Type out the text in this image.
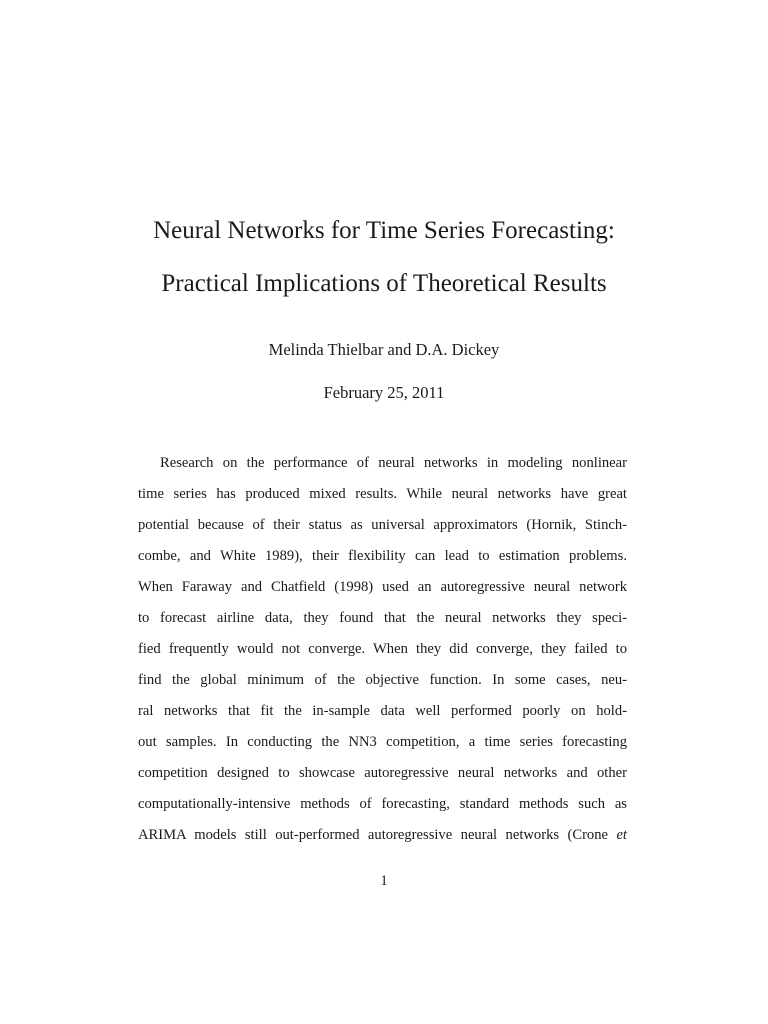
Neural Networks for Time Series Forecasting:
Practical Implications of Theoretical Results
Melinda Thielbar and D.A. Dickey
February 25, 2011
Research on the performance of neural networks in modeling nonlinear
time series has produced mixed results. While neural networks have great
potential because of their status as universal approximators (Hornik, Stinch-
combe, and White 1989), their flexibility can lead to estimation problems.
When Faraway and Chatfield (1998) used an autoregressive neural network
to forecast airline data, they found that the neural networks they speci-
fied frequently would not converge. When they did converge, they failed to
find the global minimum of the objective function. In some cases, neu-
ral networks that fit the in-sample data well performed poorly on hold-
out samples. In conducting the NN3 competition, a time series forecasting
competition designed to showcase autoregressive neural networks and other
computationally-intensive methods of forecasting, standard methods such as
ARIMA models still out-performed autoregressive neural networks (Crone et
1
